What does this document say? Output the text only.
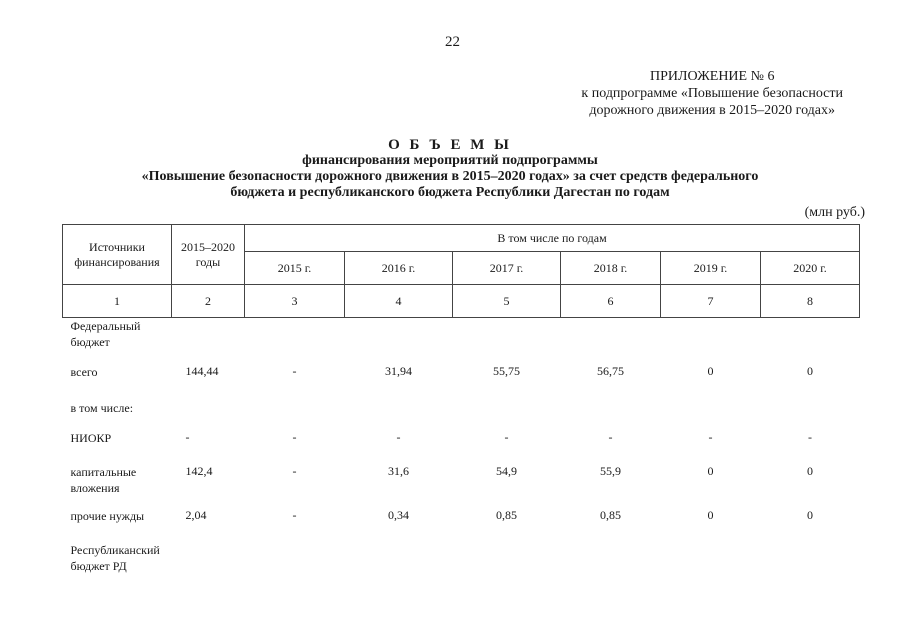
22
ПРИЛОЖЕНИЕ № 6
к подпрограмме «Повышение безопасности
дорожного движения в 2015–2020 годах»
О Б Ъ Е М Ы
финансирования мероприятий подпрограммы
«Повышение безопасности дорожного движения в 2015–2020 годах» за счет средств федерального
бюджета и республиканского бюджета Республики Дагестан по годам
(млн руб.)
Источники финансирования	2015–2020 годы	В том числе по годам					
		2015 г.	2016 г.	2017 г.	2018 г.	2019 г.	2020 г.
1	2	3	4	5	6	7	8
Федеральный бюджет							
всего	144,44	-	31,94	55,75	56,75	0	0
в том числе:							
НИОКР	-	-	-	-	-	-	-
капитальные вложения	142,4	-	31,6	54,9	55,9	0	0
прочие нужды	2,04	-	0,34	0,85	0,85	0	0
Республиканский бюджет РД							
